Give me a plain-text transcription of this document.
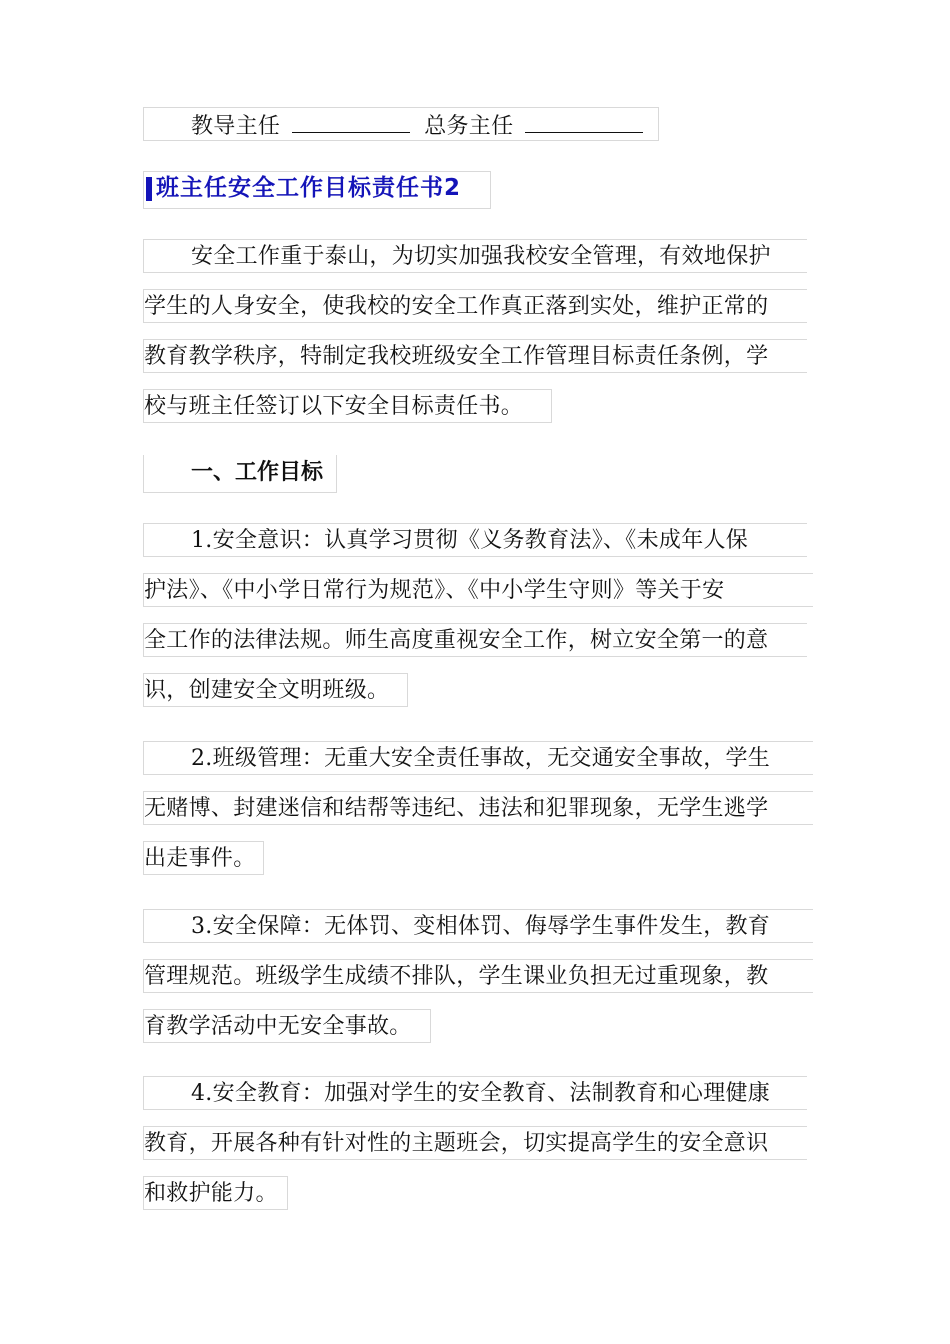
教导主任	总务主任
班主任安全工作目标责任书2
安全工作重于泰山，为切实加强我校安全管理，有效地保护
学生的人身安全，使我校的安全工作真正落到实处，维护正常的
教育教学秩序，特制定我校班级安全工作管理目标责任条例，学
校与班主任签订以下安全目标责任书。
一、工作目标
1.安全意识：认真学习贯彻《义务教育法》、《未成年人保
护法》、《中小学日常行为规范》、《中小学生守则》等关于安
全工作的法律法规。师生高度重视安全工作，树立安全第一的意
识，创建安全文明班级。
2.班级管理：无重大安全责任事故，无交通安全事故，学生
无赌博、封建迷信和结帮等违纪、违法和犯罪现象，无学生逃学
出走事件。
3.安全保障：无体罚、变相体罚、侮辱学生事件发生，教育
管理规范。班级学生成绩不排队，学生课业负担无过重现象，教
育教学活动中无安全事故。
4.安全教育：加强对学生的安全教育、法制教育和心理健康
教育，开展各种有针对性的主题班会，切实提高学生的安全意识
和救护能力。
